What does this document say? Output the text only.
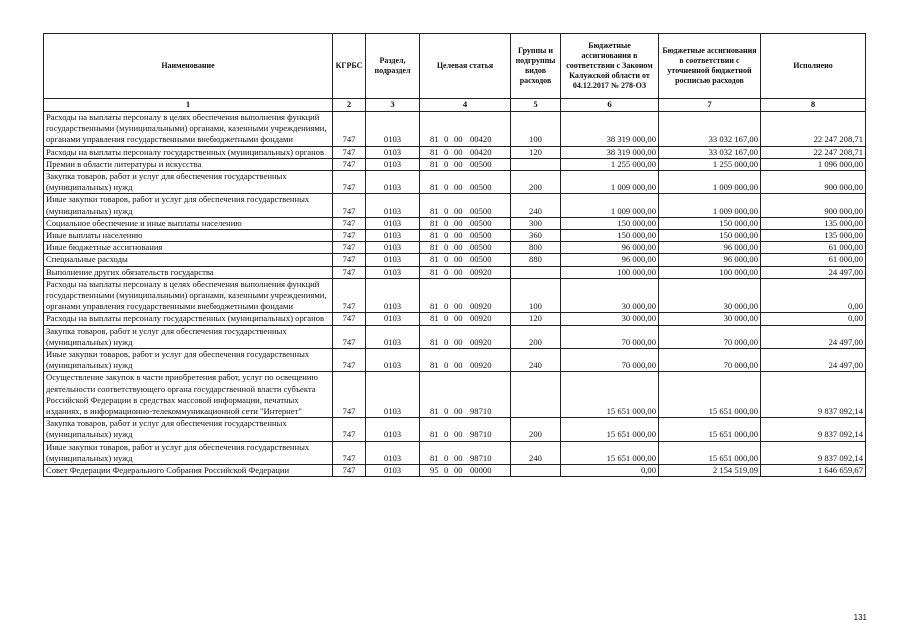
Наименование	КГРБС	Раздел, подраздел	Целевая статья	Группы и подгруппы видов расходов	Бюджетные ассигнования в соответствии с Законом Калужской области от 04.12.2017 № 278-ОЗ	Бюджетные ассигнования в соответствии с уточненной бюджетной росписью расходов	Исполнено
1	2	3	4	5	6	7	8
Расходы на выплаты персоналу в целях обеспечения выполнения функций государственными (муниципальными) органами, казенными учреждениями, органами управления государственными внебюджетными фондами	747	0103	81 0 00 00420	100	38 319 000,00	33 032 167,00	22 247 208,71
Расходы на выплаты персоналу государственных (муниципальных) органов	747	0103	81 0 00 00420	120	38 319 000,00	33 032 167,00	22 247 208,71
Премии в области литературы и искусства	747	0103	81 0 00 00500		1 255 000,00	1 255 000,00	1 096 000,00
Закупка товаров, работ и услуг для обеспечения государственных (муниципальных) нужд	747	0103	81 0 00 00500	200	1 009 000,00	1 009 000,00	900 000,00
Иные закупки товаров, работ и услуг для обеспечения государственных (муниципальных) нужд	747	0103	81 0 00 00500	240	1 009 000,00	1 009 000,00	900 000,00
Социальное обеспечение и иные выплаты населению	747	0103	81 0 00 00500	300	150 000,00	150 000,00	135 000,00
Иные выплаты населению	747	0103	81 0 00 00500	360	150 000,00	150 000,00	135 000,00
Иные бюджетные ассигнования	747	0103	81 0 00 00500	800	96 000,00	96 000,00	61 000,00
Специальные расходы	747	0103	81 0 00 00500	880	96 000,00	96 000,00	61 000,00
Выполнение других обязательств государства	747	0103	81 0 00 00920		100 000,00	100 000,00	24 497,00
Расходы на выплаты персоналу в целях обеспечения выполнения функций государственными (муниципальными) органами, казенными учреждениями, органами управления государственными внебюджетными фондами	747	0103	81 0 00 00920	100	30 000,00	30 000,00	0,00
Расходы на выплаты персоналу государственных (муниципальных) органов	747	0103	81 0 00 00920	120	30 000,00	30 000,00	0,00
Закупка товаров, работ и услуг для обеспечения государственных (муниципальных) нужд	747	0103	81 0 00 00920	200	70 000,00	70 000,00	24 497,00
Иные закупки товаров, работ и услуг для обеспечения государственных (муниципальных) нужд	747	0103	81 0 00 00920	240	70 000,00	70 000,00	24 497,00
Осуществление закупок в части приобретения работ, услуг по освещению деятельности соответствующего органа государственной власти субъекта Российской Федерации в средствах массовой информации, печатных изданиях, в информационно-телекоммуникационной сети "Интернет"	747	0103	81 0 00 98710		15 651 000,00	15 651 000,00	9 837 092,14
Закупка товаров, работ и услуг для обеспечения государственных (муниципальных) нужд	747	0103	81 0 00 98710	200	15 651 000,00	15 651 000,00	9 837 092,14
Иные закупки товаров, работ и услуг для обеспечения государственных (муниципальных) нужд	747	0103	81 0 00 98710	240	15 651 000,00	15 651 000,00	9 837 092,14
Совет Федерации Федерального Собрания Российской Федерации	747	0103	95 0 00 00000		0,00	2 154 519,09	1 646 659,67
131
